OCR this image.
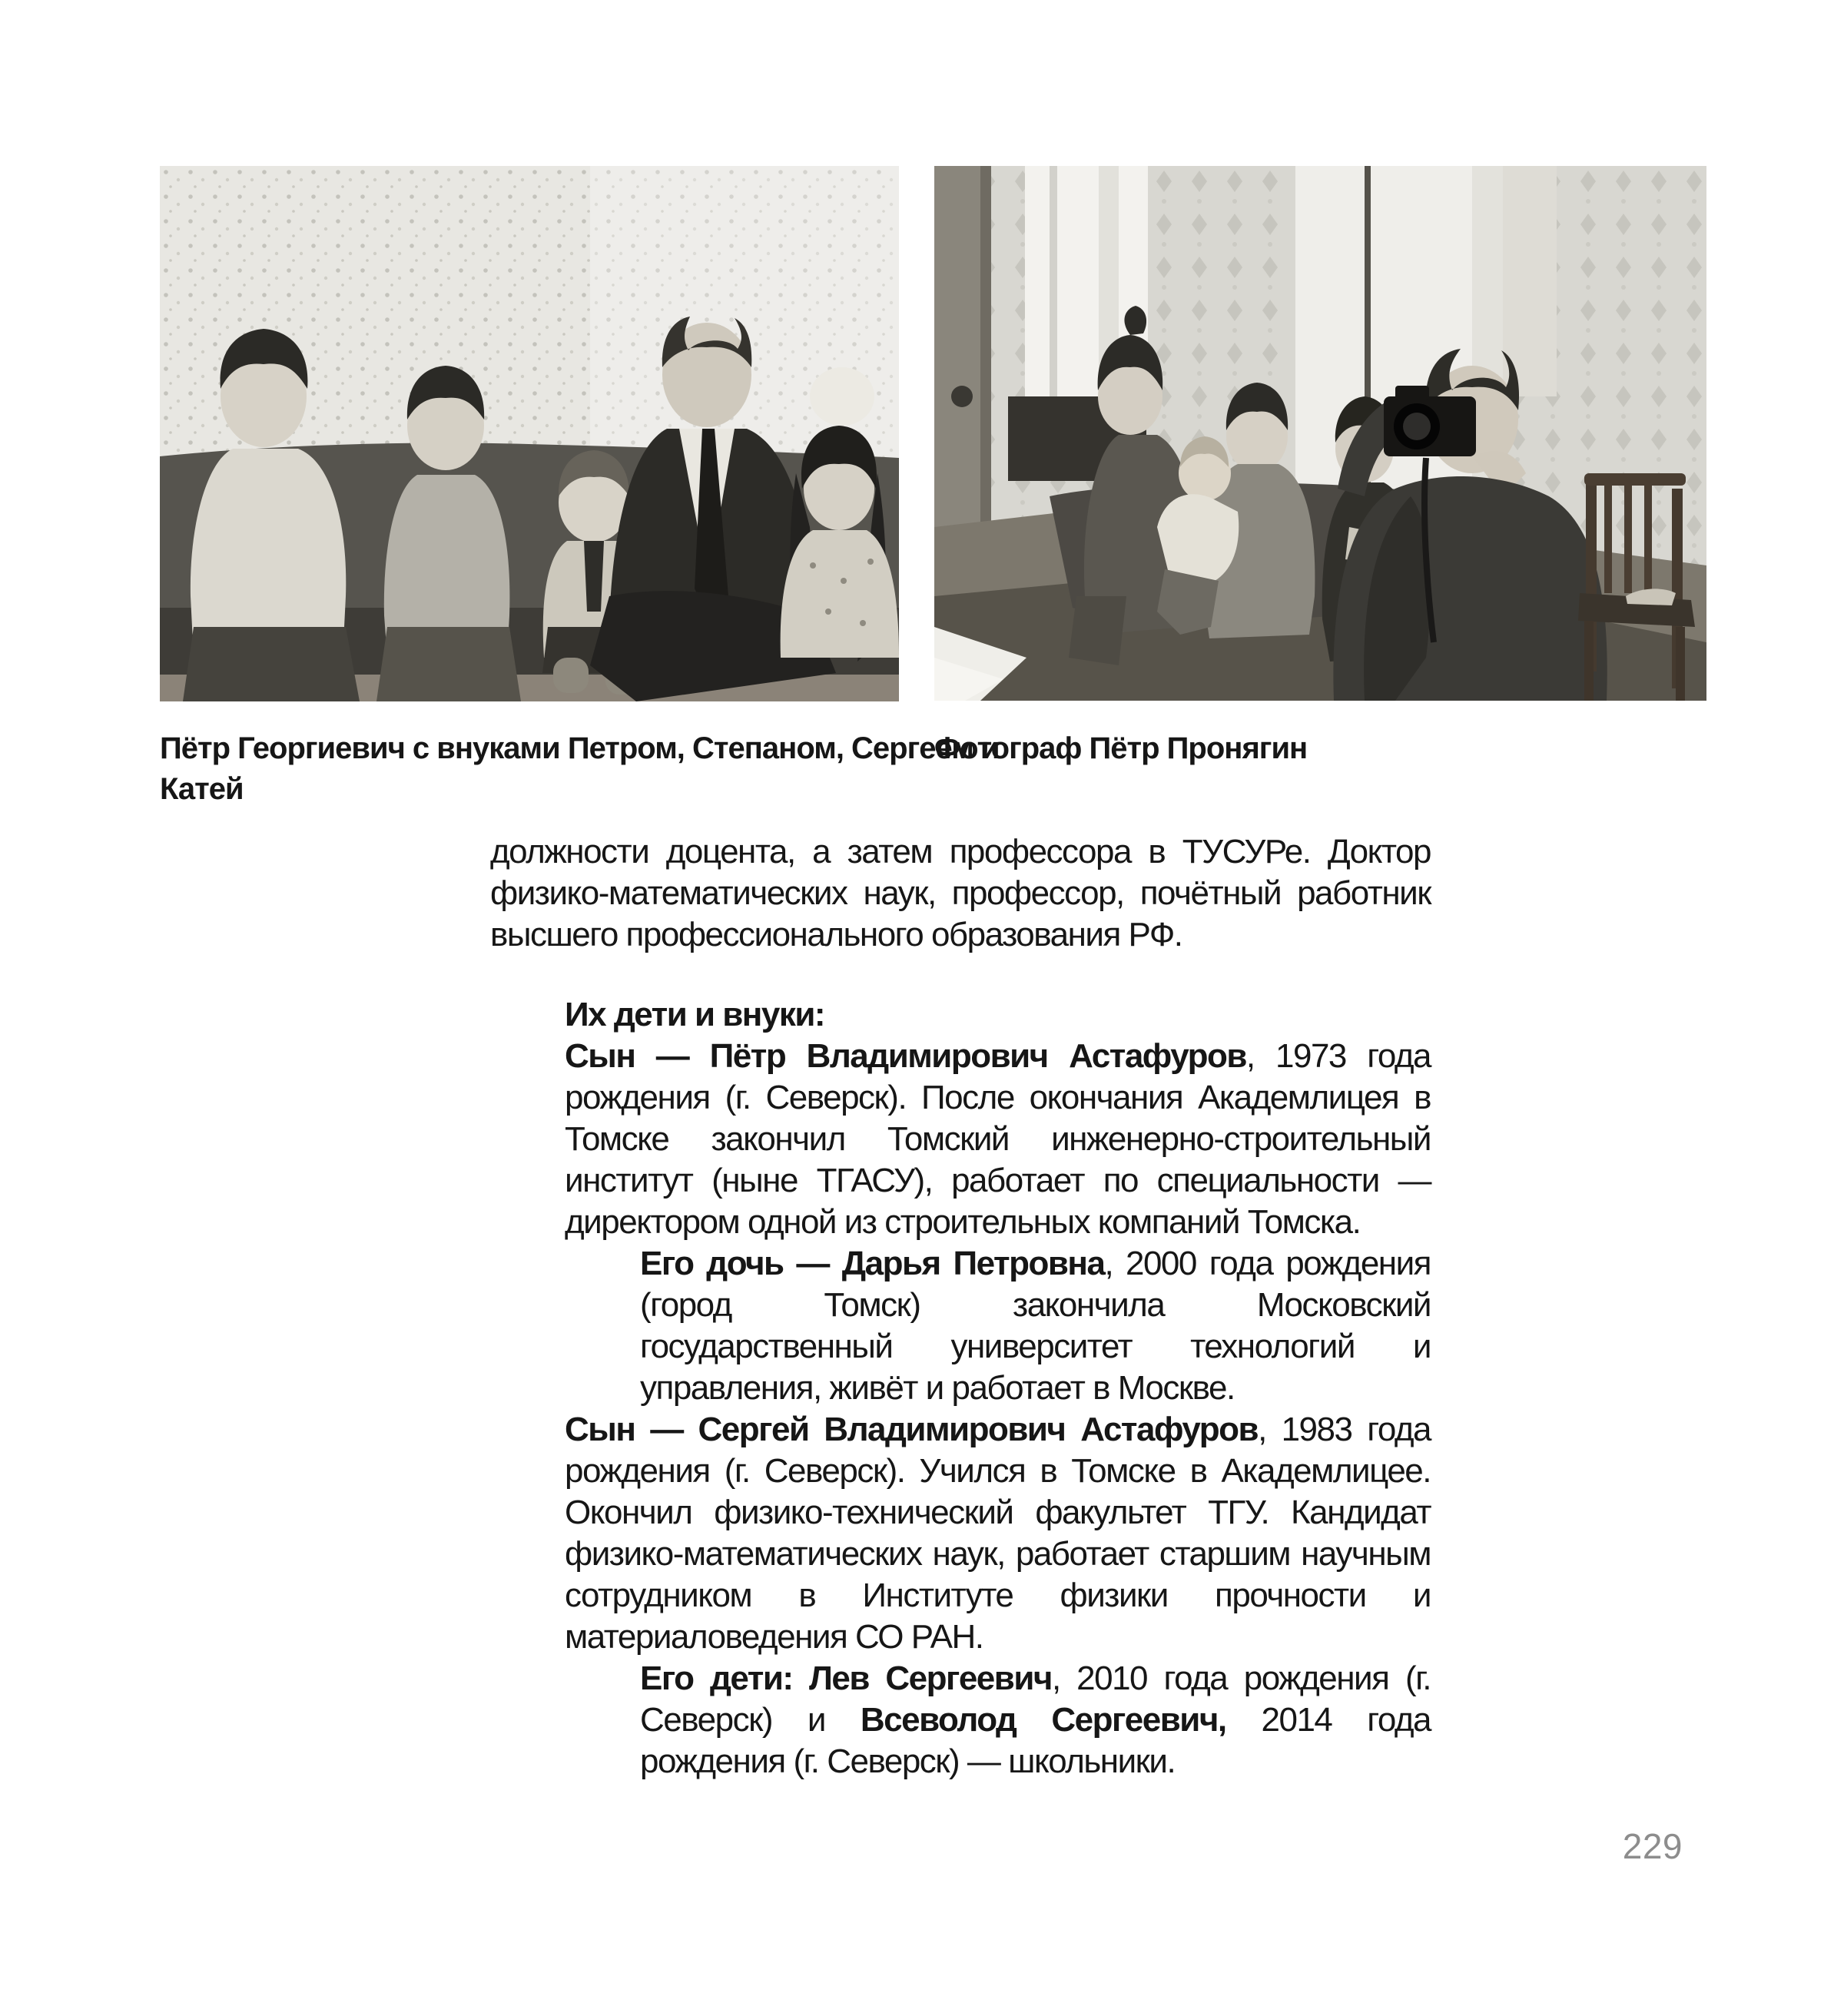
Пётр Георгиевич с внуками Петром, Степаном, Сергеем и Катей
Фотограф Пётр Пронягин

должности доцента, а затем профессора в ТУСУРе. Доктор физико-математических наук, профессор, почётный работник высшего профессионального образования РФ.

Их дети и внуки:

Сын — Пётр Владимирович Астафуров, 1973 года рождения (г. Северск). После окончания Академлицея в Томске закончил Томский инженерно-строительный институт (ныне ТГАСУ), работает по специальности — директором одной из строительных компаний Томска.

Его дочь — Дарья Петровна, 2000 года рождения (город Томск) закончила Московский государственный университет технологий и управления, живёт и работает в Москве.

Сын — Сергей Владимирович Астафуров, 1983 года рождения (г. Северск). Учился в Томске в Академлицее. Окончил физико-технический факультет ТГУ. Кандидат физико-математических наук, работает старшим научным сотрудником в Институте физики прочности и материаловедения СО РАН.

Его дети: Лев Сергеевич, 2010 года рождения (г. Северск) и Всеволод Сергеевич, 2014 года рождения (г. Северск) — школьники.

229
